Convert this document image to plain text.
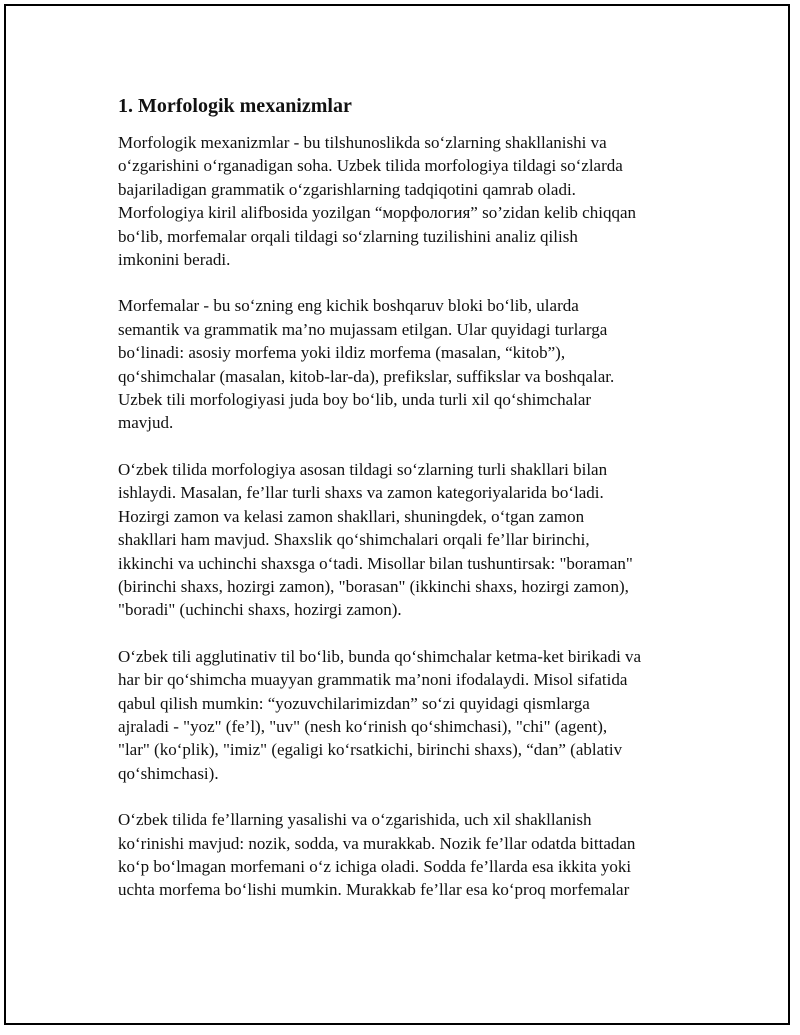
1. Morfologik mexanizmlar
Morfologik mexanizmlar - bu tilshunoslikda so‘zlarning shakllanishi va
o‘zgarishini o‘rganadigan soha. Uzbek tilida morfologiya tildagi so‘zlarda
bajariladigan grammatik o‘zgarishlarning tadqiqotini qamrab oladi.
Morfologiya kiril alifbosida yozilgan “морфология” so’zidan kelib chiqqan
bo‘lib, morfemalar orqali tildagi so‘zlarning tuzilishini analiz qilish
imkonini beradi.
Morfemalar - bu so‘zning eng kichik boshqaruv bloki bo‘lib, ularda
semantik va grammatik ma’no mujassam etilgan. Ular quyidagi turlarga
bo‘linadi: asosiy morfema yoki ildiz morfema (masalan, “kitob”),
qo‘shimchalar (masalan, kitob-lar-da), prefikslar, suffikslar va boshqalar.
Uzbek tili morfologiyasi juda boy bo‘lib, unda turli xil qo‘shimchalar
mavjud.
O‘zbek tilida morfologiya asosan tildagi so‘zlarning turli shakllari bilan
ishlaydi. Masalan, fe’llar turli shaxs va zamon kategoriyalarida bo‘ladi.
Hozirgi zamon va kelasi zamon shakllari, shuningdek, o‘tgan zamon
shakllari ham mavjud. Shaxslik qo‘shimchalari orqali fe’llar birinchi,
ikkinchi va uchinchi shaxsga o‘tadi. Misollar bilan tushuntirsak: "boraman"
(birinchi shaxs, hozirgi zamon), "borasan" (ikkinchi shaxs, hozirgi zamon),
"boradi" (uchinchi shaxs, hozirgi zamon).
O‘zbek tili agglutinativ til bo‘lib, bunda qo‘shimchalar ketma-ket birikadi va
har bir qo‘shimcha muayyan grammatik ma’noni ifodalaydi. Misol sifatida
qabul qilish mumkin: “yozuvchilarimizdan” so‘zi quyidagi qismlarga
ajraladi - "yoz" (fe’l), "uv" (nesh ko‘rinish qo‘shimchasi), "chi" (agent),
"lar" (ko‘plik), "imiz" (egaligi ko‘rsatkichi, birinchi shaxs), “dan” (ablativ
qo‘shimchasi).
O‘zbek tilida fe’llarning yasalishi va o‘zgarishida, uch xil shakllanish
ko‘rinishi mavjud: nozik, sodda, va murakkab. Nozik fe’llar odatda bittadan
ko‘p bo‘lmagan morfemani o‘z ichiga oladi. Sodda fe’llarda esa ikkita yoki
uchta morfema bo‘lishi mumkin. Murakkab fe’llar esa ko‘proq morfemalar
